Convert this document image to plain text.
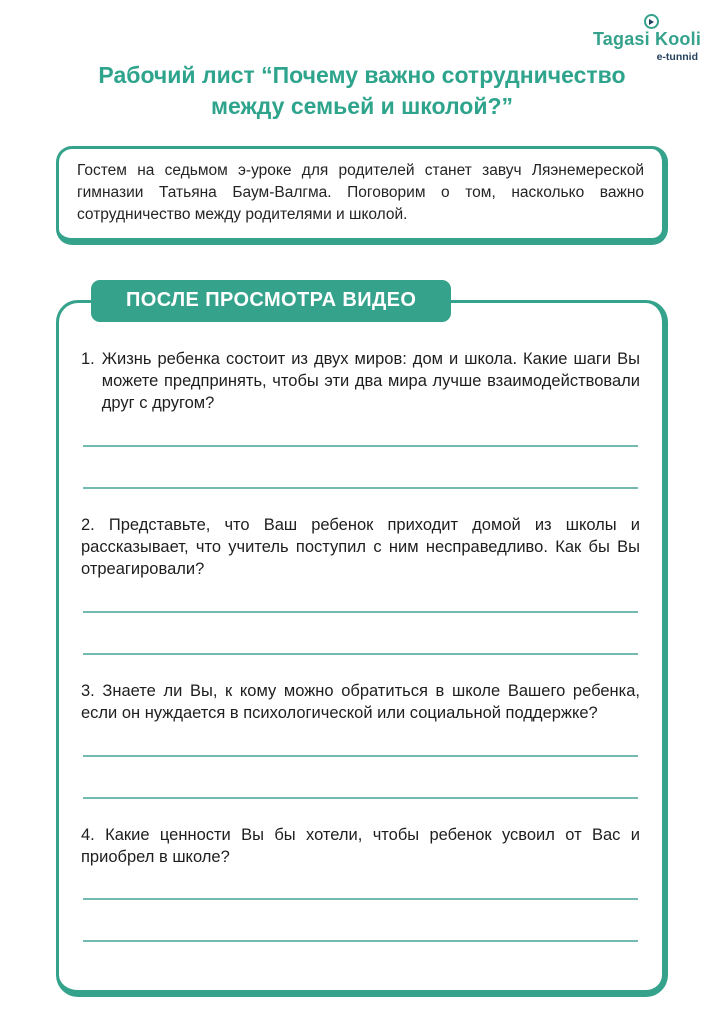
Tagasi Kooli
e-tunnid
Рабочий лист “Почему важно сотрудничество между семьей и школой?”

Гостем на седьмом э-уроке для родителей станет завуч Ляэнемереской гимназии Татьяна Баум-Валгма. Поговорим о том, насколько важно сотрудничество между родителями и школой.

ПОСЛЕ ПРОСМОТРА ВИДЕО
1. Жизнь ребенка состоит из двух миров: дом и школа. Какие шаги Вы можете предпринять, чтобы эти два мира лучше взаимодействовали друг с другом?
2. Представьте, что Ваш ребенок приходит домой из школы и рассказывает, что учитель поступил с ним несправедливо. Как бы Вы отреагировали?
3. Знаете ли Вы, к кому можно обратиться в школе Вашего ребенка, если он нуждается в психологической или социальной поддержке?
4. Какие ценности Вы бы хотели, чтобы ребенок усвоил от Вас и приобрел в школе?
